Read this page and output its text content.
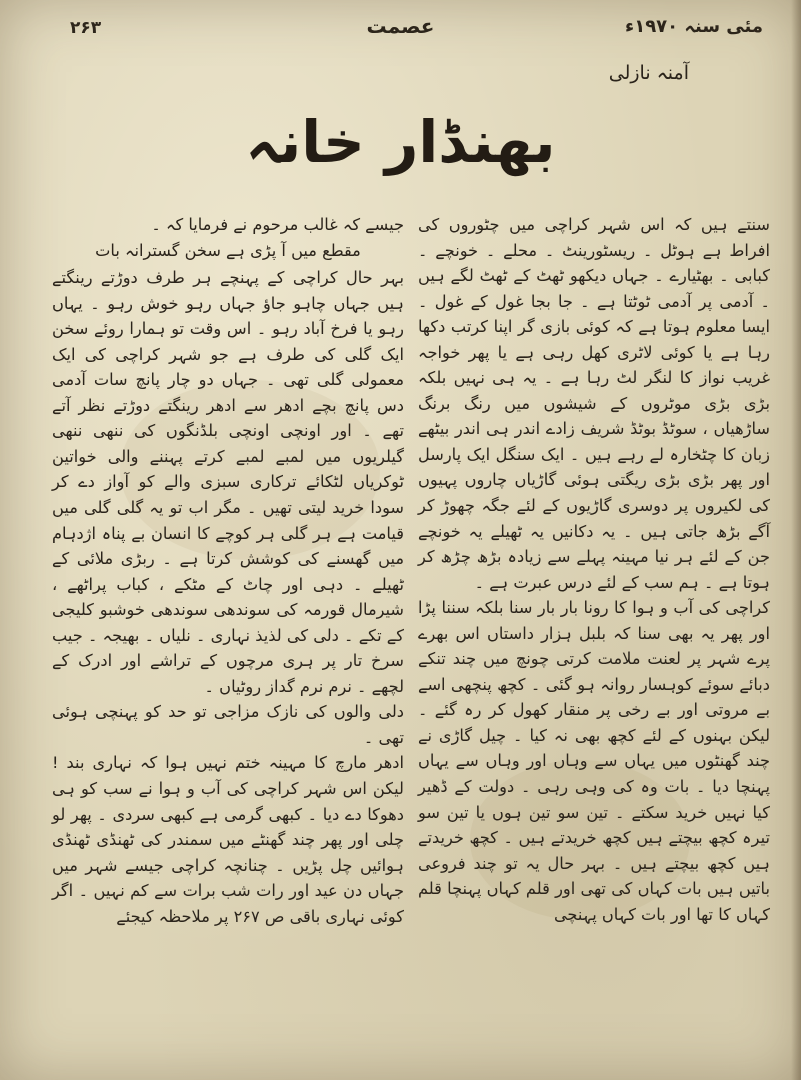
۲۶۳	عصمت	مئی سنہ ۱۹۷۰ء
آمنہ نازلی
بھنڈار خانہ

سنتے ہیں کہ اس شہر کراچی میں چٹوروں کی افراط ہے ہوٹل ۔ ریسٹورینٹ ۔ محلے ۔ خونچے ۔ کبابی ۔ بھٹیارے ۔ جہاں دیکھو ٹھٹ کے ٹھٹ لگے ہیں ۔ آدمی پر آدمی ٹوٹتا ہے ۔ جا بجا غول کے غول ۔ ایسا معلوم ہوتا ہے کہ کوئی بازی گر اپنا کرتب دکھا رہا ہے یا کوئی لاٹری کھل رہی ہے یا پھر خواجہ غریب نواز کا لنگر لٹ رہا ہے ۔ یہ ہی نہیں بلکہ بڑی بڑی موٹروں کے شیشوں میں رنگ برنگ ساڑھیاں ، سوٹڈ بوٹڈ شریف زادے اندر ہی اندر بیٹھے زبان کا چٹخارہ لے رہے ہیں ۔ ایک سنگل ایک پارسل اور پھر بڑی بڑی ریگتی ہوئی گاڑیاں چاروں پہیوں کی لکیروں پر دوسری گاڑیوں کے لئے جگہ چھوڑ کر آگے بڑھ جاتی ہیں ۔ یہ دکانیں یہ ٹھیلے یہ خونچے جن کے لئے ہر نیا مہینہ پہلے سے زیادہ بڑھ چڑھ کر ہوتا ہے ۔ ہم سب کے لئے درس عبرت ہے ۔

کراچی کی آب و ہوا کا رونا بار بار سنا بلکہ سننا پڑا اور پھر یہ بھی سنا کہ بلبل ہزار داستاں اس بھرے پرے شہر پر لعنت ملامت کرتی چونچ میں چند تنکے دبائے سوئے کوہسار روانہ ہو گئی ۔ کچھ پنچھی اسے بے مروتی اور بے رخی پر منقار کھول کر رہ گئے ۔ لیکن بہنوں کے لئے کچھ بھی نہ کیا ۔ چیل گاڑی نے چند گھنٹوں میں یہاں سے وہاں اور وہاں سے یہاں پہنچا دیا ۔ بات وہ کی وہی رہی ۔ دولت کے ڈھیر کیا نہیں خرید سکتے ۔ تین سو تین ہوں یا تین سو تیرہ کچھ بیچتے ہیں کچھ خریدتے ہیں ۔ کچھ خریدتے ہیں کچھ بیچتے ہیں ۔ بہر حال یہ تو چند فروعی باتیں ہیں بات کہاں کی تھی اور قلم کہاں پہنچا قلم کہاں کا تھا اور بات کہاں پہنچی

جیسے کہ غالب مرحوم نے فرمایا کہ ۔

مقطع میں آ پڑی ہے سخن گسترانہ بات

بہر حال کراچی کے پہنچے ہر طرف دوڑتے رینگتے ہیں جہاں چاہو جاؤ جہاں رہو خوش رہو ۔ یہاں رہو یا فرخ آباد رہو ۔ اس وقت تو ہمارا روئے سخن ایک گلی کی طرف ہے جو شہر کراچی کی ایک معمولی گلی تھی ۔ جہاں دو چار پانچ سات آدمی دس پانچ بچے ادھر سے ادھر رینگتے دوڑتے نظر آتے تھے ۔ اور اونچی اونچی بلڈنگوں کی ننھی ننھی گیلریوں میں لمبے لمبے کرتے پہننے والی خواتین ٹوکریاں لٹکائے ترکاری سبزی والے کو آواز دے کر سودا خرید لیتی تھیں ۔ مگر اب تو یہ گلی گلی میں قیامت ہے ہر گلی ہر کوچے کا انسان بے پناہ اژدہام میں گھسنے کی کوشش کرتا ہے ۔ ربڑی ملائی کے ٹھیلے ۔ دہی اور چاٹ کے مٹکے ، کباب پراٹھے ، شیرمال قورمہ کی سوندھی سوندھی خوشبو کلیجی کے تکے ۔ دلی کی لذیذ نہاری ۔ نلیاں ۔ بھیجہ ۔ جیب سرخ تار پر ہری مرچوں کے تراشے اور ادرک کے لچھے ۔ نرم نرم گداز روٹیاں ۔

دلی والوں کی نازک مزاجی تو حد کو پہنچی ہوئی تھی ۔

ادھر مارچ کا مہینہ ختم نہیں ہوا کہ نہاری بند ! لیکن اس شہر کراچی کی آب و ہوا نے سب کو ہی دھوکا دے دیا ۔ کبھی گرمی ہے کبھی سردی ۔ پھر لو چلی اور پھر چند گھنٹے میں سمندر کی ٹھنڈی ٹھنڈی ہوائیں چل پڑیں ۔ چنانچہ کراچی جیسے شہر میں جہاں دن عید اور رات شب برات سے کم نہیں ۔ اگر کوئی نہاری باقی ص ۲۶۷ پر ملاحظہ کیجئے
